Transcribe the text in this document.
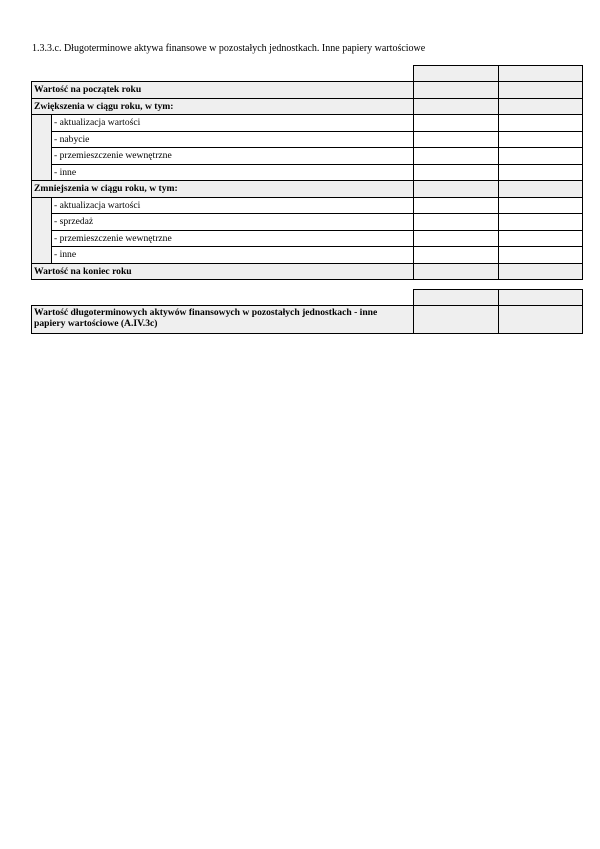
1.3.3.c. Długoterminowe aktywa finansowe w pozostałych jednostkach. Inne papiery wartościowe

Wartość na początek roku			
Zwiększenia w ciągu roku, w tym:			
	- aktualizacja wartości		
	- nabycie		
	- przemieszczenie wewnętrzne		
	- inne		
Zmniejszenia w ciągu roku, w tym:			
	- aktualizacja wartości		
	- sprzedaż		
	- przemieszczenie wewnętrzne		
	- inne		
Wartość na koniec roku			

Wartość długoterminowych aktywów finansowych w pozostałych jednostkach - inne papiery wartościowe (A.IV.3c)		
